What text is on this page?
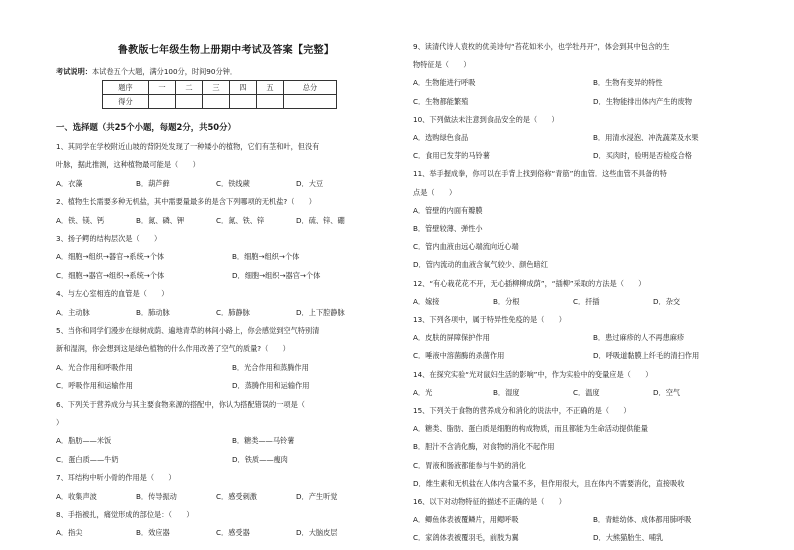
鲁教版七年级生物上册期中考试及答案【完整】
考试说明：本试卷五个大题，满分100分，时间90分钟．
题序	一	二	三	四	五	总分
得分						
一、选择题（共25个小题，每题2分，共50分）
1、其同学在学校附近山坡的背阴处发现了一种矮小的植物，它们有茎和叶，但没有
叶脉，据此推测，这种植物最可能是（　　）
A．衣藻	B．葫芦藓	C．铁线蕨	D．大豆
2、植物生长需要多种无机盐，其中需要量最多的是含下列哪项的无机盐?（　　）
A．铁、镁、钙	B．氮、磷、钾	C．氮、铁、锌	D．硫、锌、硼
3、扬子鳄的结构层次是（　　）
A．细胞→组织→器官→系统→个体	B．细胞→组织→个体
C．细胞→器官→组织→系统→个体	D．细胞→组织→器官→个体
4、与左心室相连的血管是（　　）
A．主动脉	B．肺动脉	C．肺静脉	D．上下腔静脉
5、当你和同学们漫步在绿树成荫、遍地青草的林间小路上，你会感觉到空气特别清
新和湿润，你会想到这是绿色植物的什么作用改善了空气的质量?（　　）
A．光合作用和呼吸作用	B．光合作用和蒸腾作用
C．呼吸作用和运输作用	D．蒸腾作用和运输作用
6、下列关于营养成分与其主要食物来源的搭配中，你认为搭配错误的一项是（
）
A．脂肪——米饭	B．糖类——马铃薯
C．蛋白质——牛奶	D．铁质——瘦肉
7、耳结构中听小骨的作用是（　　）
A．收集声波	B．传导振动	C．感受刺激	D．产生听觉
8、手指被扎，痛觉形成的部位是：（　　）
A．指尖	B．效应器	C．感受器	D．大脑皮层
9、读清代诗人袁枚的优美诗句“苔花如米小，也学牡丹开”，体会到其中包含的生
物特征是（　　）
A．生物能进行呼吸	B．生物有变异的特性
C．生物都能繁殖	D．生物能排出体内产生的废物
10、下列做法未注意到食品安全的是（　　）
A．选购绿色食品	B．用清水浸泡、冲洗蔬菜及水果
C．食用已发芽的马铃薯	D．买肉时，验明是否检疫合格
11、举手握成拳，你可以在手背上找到俗称“青筋”的血管．这些血管不具备的特
点是（　　）
A．管壁的内面有瓣膜
B．管壁较薄、弹性小
C．管内血液由远心端流向近心端
D．管内流动的血液含氧气较少、颜色暗红
12、“有心栽花花不开，无心插柳柳成荫”，“插柳”采取的方法是（　　）
A．嫁接	B．分根	C．扦插	D．杂交
13、下列各项中，属于特异性免疫的是（　　）
A．皮肤的屏障保护作用	B．患过麻疹的人不再患麻疹
C．唾液中溶菌酶的杀菌作用	D．呼吸道黏膜上纤毛的清扫作用
14、在探究实验“光对鼠妇生活的影响”中，作为实验中的变量应是（　　）
A．光	B．湿度	C．温度	D．空气
15、下列关于食物的营养成分和消化的说法中，不正确的是（　　）
A．糖类、脂肪、蛋白质是细胞的构成物质，而且都能为生命活动提供能量
B．胆汁不含消化酶，对食物的消化不起作用
C．胃液和肠液都能参与牛奶的消化
D．维生素和无机盐在人体内含量不多，但作用很大，且在体内不需要消化，直接吸收
16、以下对动物特征的描述不正确的是（　　）
A．鲫鱼体表被覆鳞片，用鳃呼吸	B．青蛙幼体、成体都用肺呼吸
C．家鸽体表被覆羽毛，前肢为翼	D．大熊猫胎生、哺乳
